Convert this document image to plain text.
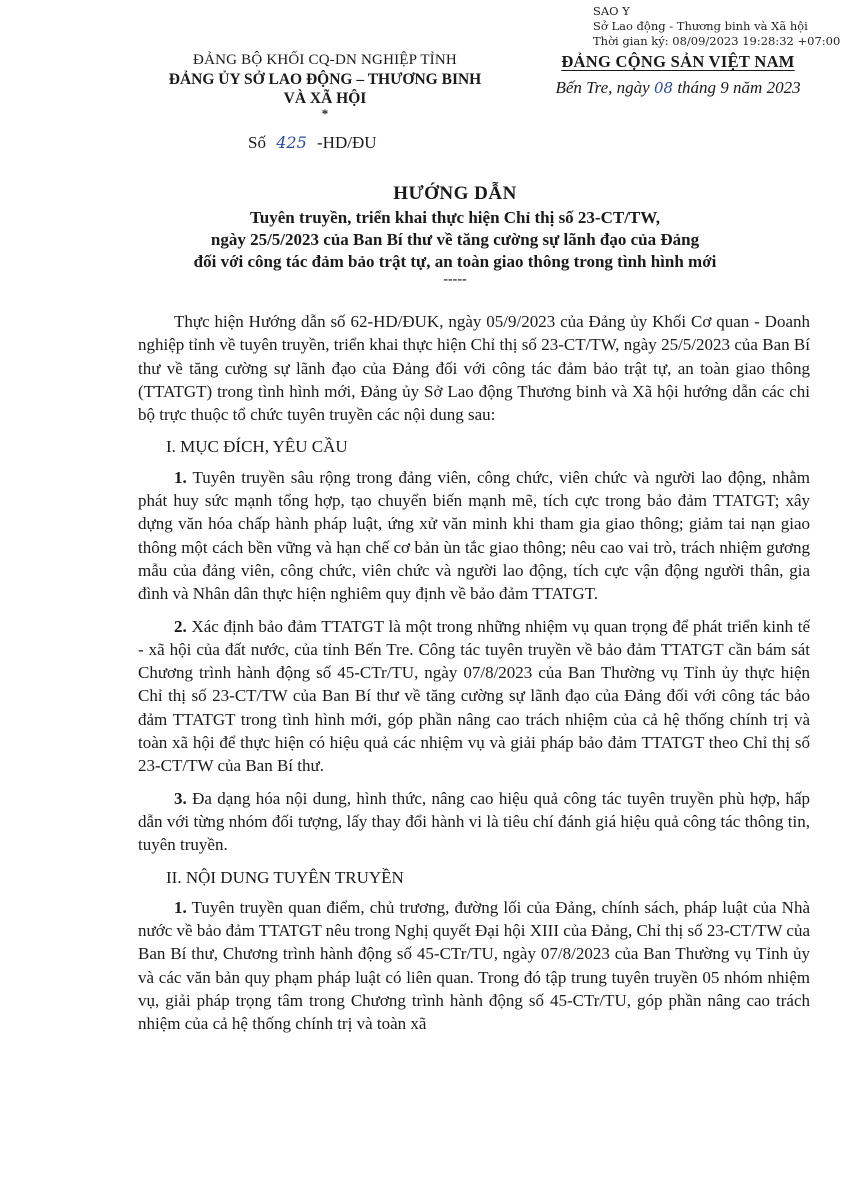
SAO Y
Sở Lao động - Thương binh và Xã hội
Thời gian ký: 08/09/2023 19:28:32 +07:00
ĐẢNG BỘ KHỐI CQ-DN NGHIỆP TỈNH
ĐẢNG ỦY SỞ LAO ĐỘNG – THƯƠNG BINH
VÀ XÃ HỘI
*
Số 425 -HD/ĐU
ĐẢNG CỘNG SẢN VIỆT NAM
Bến Tre, ngày 08 tháng 9 năm 2023
HƯỚNG DẪN
Tuyên truyền, triển khai thực hiện Chỉ thị số 23-CT/TW,
ngày 25/5/2023 của Ban Bí thư về tăng cường sự lãnh đạo của Đảng
đối với công tác đảm bảo trật tự, an toàn giao thông trong tình hình mới
-----

Thực hiện Hướng dẫn số 62-HD/ĐUK, ngày 05/9/2023 của Đảng ủy Khối Cơ quan - Doanh nghiệp tỉnh về tuyên truyền, triển khai thực hiện Chỉ thị số 23-CT/TW, ngày 25/5/2023 của Ban Bí thư về tăng cường sự lãnh đạo của Đảng đối với công tác đảm bảo trật tự, an toàn giao thông (TTATGT) trong tình hình mới, Đảng ủy Sở Lao động Thương binh và Xã hội hướng dẫn các chi bộ trực thuộc tổ chức tuyên truyền các nội dung sau:

I. MỤC ĐÍCH, YÊU CẦU

1. Tuyên truyền sâu rộng trong đảng viên, công chức, viên chức và người lao động, nhằm phát huy sức mạnh tổng hợp, tạo chuyển biến mạnh mẽ, tích cực trong bảo đảm TTATGT; xây dựng văn hóa chấp hành pháp luật, ứng xử văn minh khi tham gia giao thông; giảm tai nạn giao thông một cách bền vững và hạn chế cơ bản ùn tắc giao thông; nêu cao vai trò, trách nhiệm gương mẫu của đảng viên, công chức, viên chức và người lao động, tích cực vận động người thân, gia đình và Nhân dân thực hiện nghiêm quy định về bảo đảm TTATGT.

2. Xác định bảo đảm TTATGT là một trong những nhiệm vụ quan trọng để phát triển kinh tế - xã hội của đất nước, của tỉnh Bến Tre. Công tác tuyên truyền về bảo đảm TTATGT cần bám sát Chương trình hành động số 45-CTr/TU, ngày 07/8/2023 của Ban Thường vụ Tỉnh ủy thực hiện Chỉ thị số 23-CT/TW của Ban Bí thư về tăng cường sự lãnh đạo của Đảng đối với công tác bảo đảm TTATGT trong tình hình mới, góp phần nâng cao trách nhiệm của cả hệ thống chính trị và toàn xã hội để thực hiện có hiệu quả các nhiệm vụ và giải pháp bảo đảm TTATGT theo Chỉ thị số 23-CT/TW của Ban Bí thư.

3. Đa dạng hóa nội dung, hình thức, nâng cao hiệu quả công tác tuyên truyền phù hợp, hấp dẫn với từng nhóm đối tượng, lấy thay đổi hành vi là tiêu chí đánh giá hiệu quả công tác thông tin, tuyên truyền.

II. NỘI DUNG TUYÊN TRUYỀN

1. Tuyên truyền quan điểm, chủ trương, đường lối của Đảng, chính sách, pháp luật của Nhà nước về bảo đảm TTATGT nêu trong Nghị quyết Đại hội XIII của Đảng, Chỉ thị số 23-CT/TW của Ban Bí thư, Chương trình hành động số 45-CTr/TU, ngày 07/8/2023 của Ban Thường vụ Tỉnh ủy và các văn bản quy phạm pháp luật có liên quan. Trong đó tập trung tuyên truyền 05 nhóm nhiệm vụ, giải pháp trọng tâm trong Chương trình hành động số 45-CTr/TU, góp phần nâng cao trách nhiệm của cả hệ thống chính trị và toàn xã
